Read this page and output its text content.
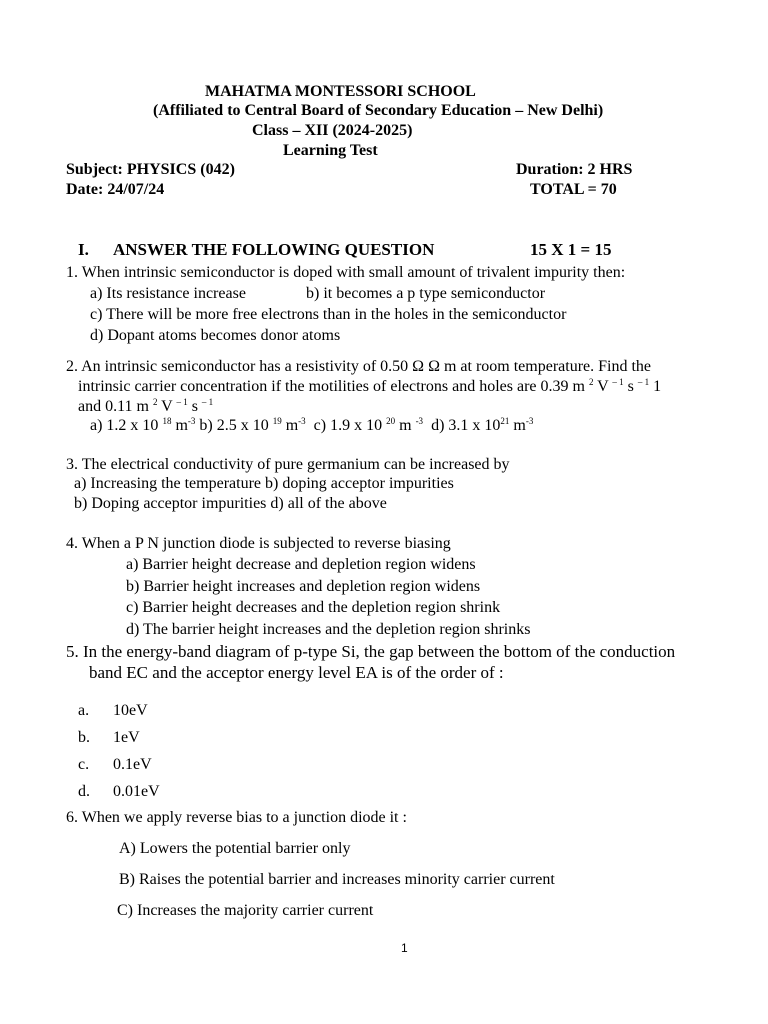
MAHATMA MONTESSORI SCHOOL
(Affiliated to Central Board of Secondary Education – New Delhi)
Class – XII (2024-2025)
Learning Test
Subject: PHYSICS (042)	Duration: 2 HRS
Date: 24/07/24	TOTAL = 70
I. ANSWER THE FOLLOWING QUESTION	15 X 1 = 15
1. When intrinsic semiconductor is doped with small amount of trivalent impurity then:
a) Its resistance increase	b) it becomes a p type semiconductor
c) There will be more free electrons than in the holes in the semiconductor
d) Dopant atoms becomes donor atoms
2. An intrinsic semiconductor has a resistivity of 0.50 Ω Ω m at room temperature. Find the
intrinsic carrier concentration if the motilities of electrons and holes are 0.39 m $^2$ V $^{- 1}$ s $^{- 1}$ 1
and 0.11 m $^2$ V $^{- 1}$ s $^{- 1}$
a) 1.2 x 10 $^{18}$ $m^{-3}$ b) 2.5 x 10 $^{19}$ $m^{-3}$ c) 1.9 x 10 $^{20}$ m $^{-3}$ d) 3.1 x $10^{21}$ $m^{-3}$
3. The electrical conductivity of pure germanium can be increased by
a) Increasing the temperature b) doping acceptor impurities
b) Doping acceptor impurities d) all of the above
4. When a P N junction diode is subjected to reverse biasing
a) Barrier height decrease and depletion region widens
b) Barrier height increases and depletion region widens
c) Barrier height decreases and the depletion region shrink
d) The barrier height increases and the depletion region shrinks
5. In the energy-band diagram of p-type Si, the gap between the bottom of the conduction
band EC and the acceptor energy level EA is of the order of :
a. 10eV
b. 1eV
c. 0.1eV
d. 0.01eV
6. When we apply reverse bias to a junction diode it :
A) Lowers the potential barrier only
B) Raises the potential barrier and increases minority carrier current
C) Increases the majority carrier current
1
